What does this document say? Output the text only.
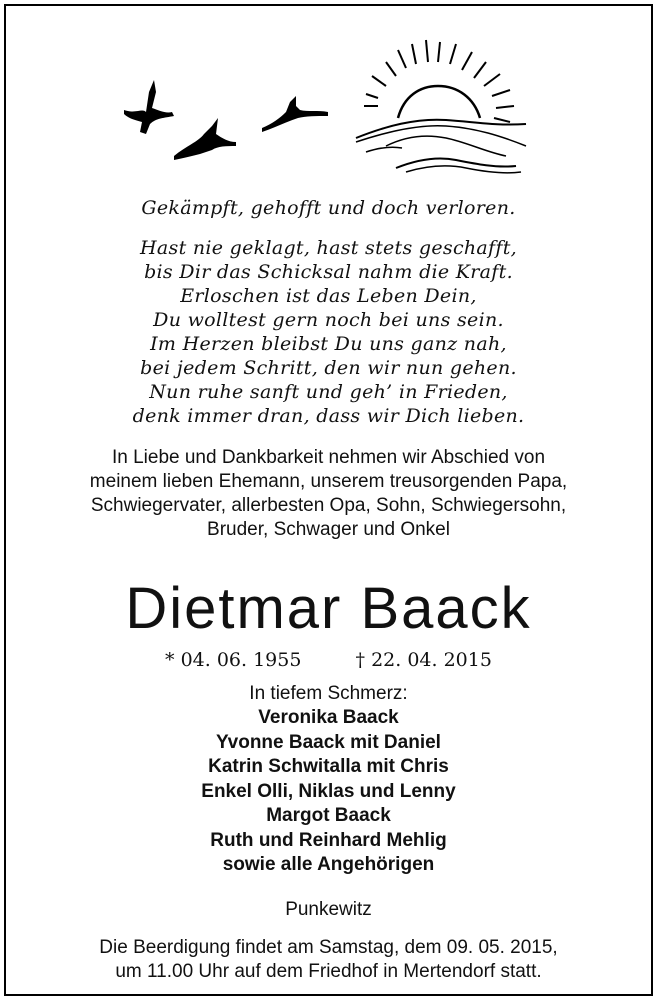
Gekämpft, gehofft und doch verloren.
Hast nie geklagt, hast stets geschafft,
bis Dir das Schicksal nahm die Kraft.
Erloschen ist das Leben Dein,
Du wolltest gern noch bei uns sein.
Im Herzen bleibst Du uns ganz nah,
bei jedem Schritt, den wir nun gehen.
Nun ruhe sanft und geh’ in Frieden,
denk immer dran, dass wir Dich lieben.
In Liebe und Dankbarkeit nehmen wir Abschied von
meinem lieben Ehemann, unserem treusorgenden Papa,
Schwiegervater, allerbesten Opa, Sohn, Schwiegersohn,
Bruder, Schwager und Onkel
Dietmar Baack
* 04. 06. 1955	† 22. 04. 2015
In tiefem Schmerz:
Veronika Baack
Yvonne Baack mit Daniel
Katrin Schwitalla mit Chris
Enkel Olli, Niklas und Lenny
Margot Baack
Ruth und Reinhard Mehlig
sowie alle Angehörigen
Punkewitz
Die Beerdigung findet am Samstag, dem 09. 05. 2015,
um 11.00 Uhr auf dem Friedhof in Mertendorf statt.
